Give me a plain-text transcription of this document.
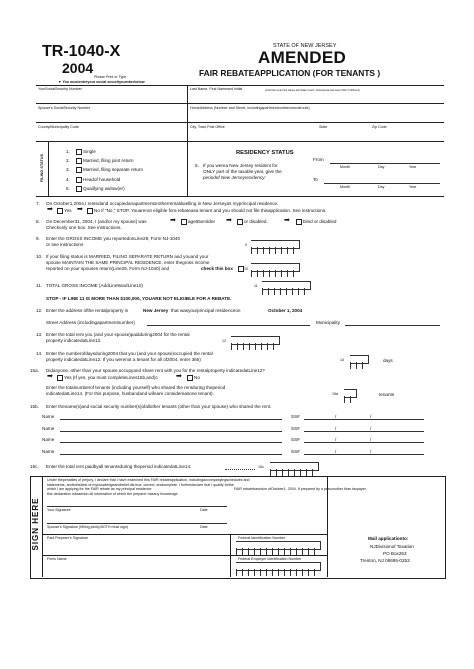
TR-1040-X
2004
Please Print or Type
▼ You mustenteryour social securitynumberbelow
STATE OF NEW JERSEY
AMENDED
FAIR REBATEAPPLICATION (FOR TENANTS )
YourSocialSecurity Number	Last Name, First Nameand Initial	(Joint filers enter first names and initial of each - Enterspouse last name ONLY if different)
Spouse's SocialSecurity Number	HomeAddress (Number and Street, includingapartmentnumberorruralroute)
County/Municipality Code	City, Town,Post Office	State	Zip Code
FILING STATUS
1.	Single
2.	Married, filing joint return
3.	Married, filing separate return
4.	Headof household
5.	Qualifying widow(er)
RESIDENCY STATUS
6. If you werea New Jersey resident for
ONLY part of the taxable year, give the
periodof New Jerseyresidency:
From
Month	Day	Year
To
Month	Day	Year
7. On October1,2004,I rentedand occupiedanapartmentorotherrentaldwelling in New Jerseyas myprincipal residence.
➡ Yes ➡ No If "No," STOP. Youarenot eligible fora rebateasa tenant and you should not file thisapplication. See instructions.
8. On December31, 2004, I (and/or my spouse) was
Checkonly one box. See instructions.
➡	age65orolder ➡	or disabled. ➡	blind or disabled
9. Enter the GROSS INCOME you reportedonLine29, Form NJ-1040
or see instructions	9
10. If your filing status is MARRIED, FILING SEPARATE RETURN and youand your
spouse MAINTAIN THE SAME PRINCIPAL RESIDENCE, enter thegross income
reported on your spouses return(Line29, Form NJ-1040) and	check this box	10
11. TOTAL GROSS INCOME (AddLine9andLine10)	11
STOP - IF LINE 11 IS MORE THAN $100,000, YOUARE NOT ELIGIBLE FOR A REBATE.
12. Enter the address ofthe rentalproperty in	New Jersey that wasyourprincipal residenceon	October 1, 2004
Street Address (includingapartmentnumber)	Municipality
13. Enter the total rent you (and your spouse)paidduring2004 for the rental
property indicatedatLine12.	13
14. Enter the numberofdaysduring2004 that you (and your spouse)occupied the rental
property indicatedatLine12. If you werenot a tenant for all of2004, enter 366)	14	days
15a. Didanyone, other than your spouse,occupyand share rent with you for the rentalproperty indicatedatLine12?
➡ Yes (If yes, you must completeLines15b,and)c	➡	No
Enter the totalnumberof tenants (including yourself) who shared the rentduring theperiod
indicatedatLine14. (For this purpose, husbandand wifeare considereasone tenant).	15a	tenants
15b. Enter thename(s)and social security number(s)ofallother tenants (other than your spouse) who shared the rent.
Name	SS#	/	/
Name	SS#	/	/
Name	SS#	/	/
Name	SS#	/	/
15c. Enter the total rent paidbyall tenantsduring theperiod indicatedatLine14.	15c
SIGN HERE
Under thepenalties of perjury, I declare that I have examined this FAIR rebateapplication, includingaccompanyingschedules and
statements, andtothebest of myknowledgeandbelief,itis true, correct, andcomplete. I furtherdeclare that I qualify forthe
FAIR rebatebasedon ofOctober1, 2004. If prepared by a personother than taxpayer,
which I am applying for the FAIR rebate as my principal residence
this declaration isbasedon all information of which the preparer hasany knowledge.
Your Signature	Date
Spouse's Signature (Iffiling jointly,BOTH must sign)	Date
Paid Preparer's Signature	Federal Identification Number
Firms Name	Federal Employer Identification Number
Mail applicationto:
NJDivisionof Taxation
PO Box253
Trenton, NJ 08695-0253
